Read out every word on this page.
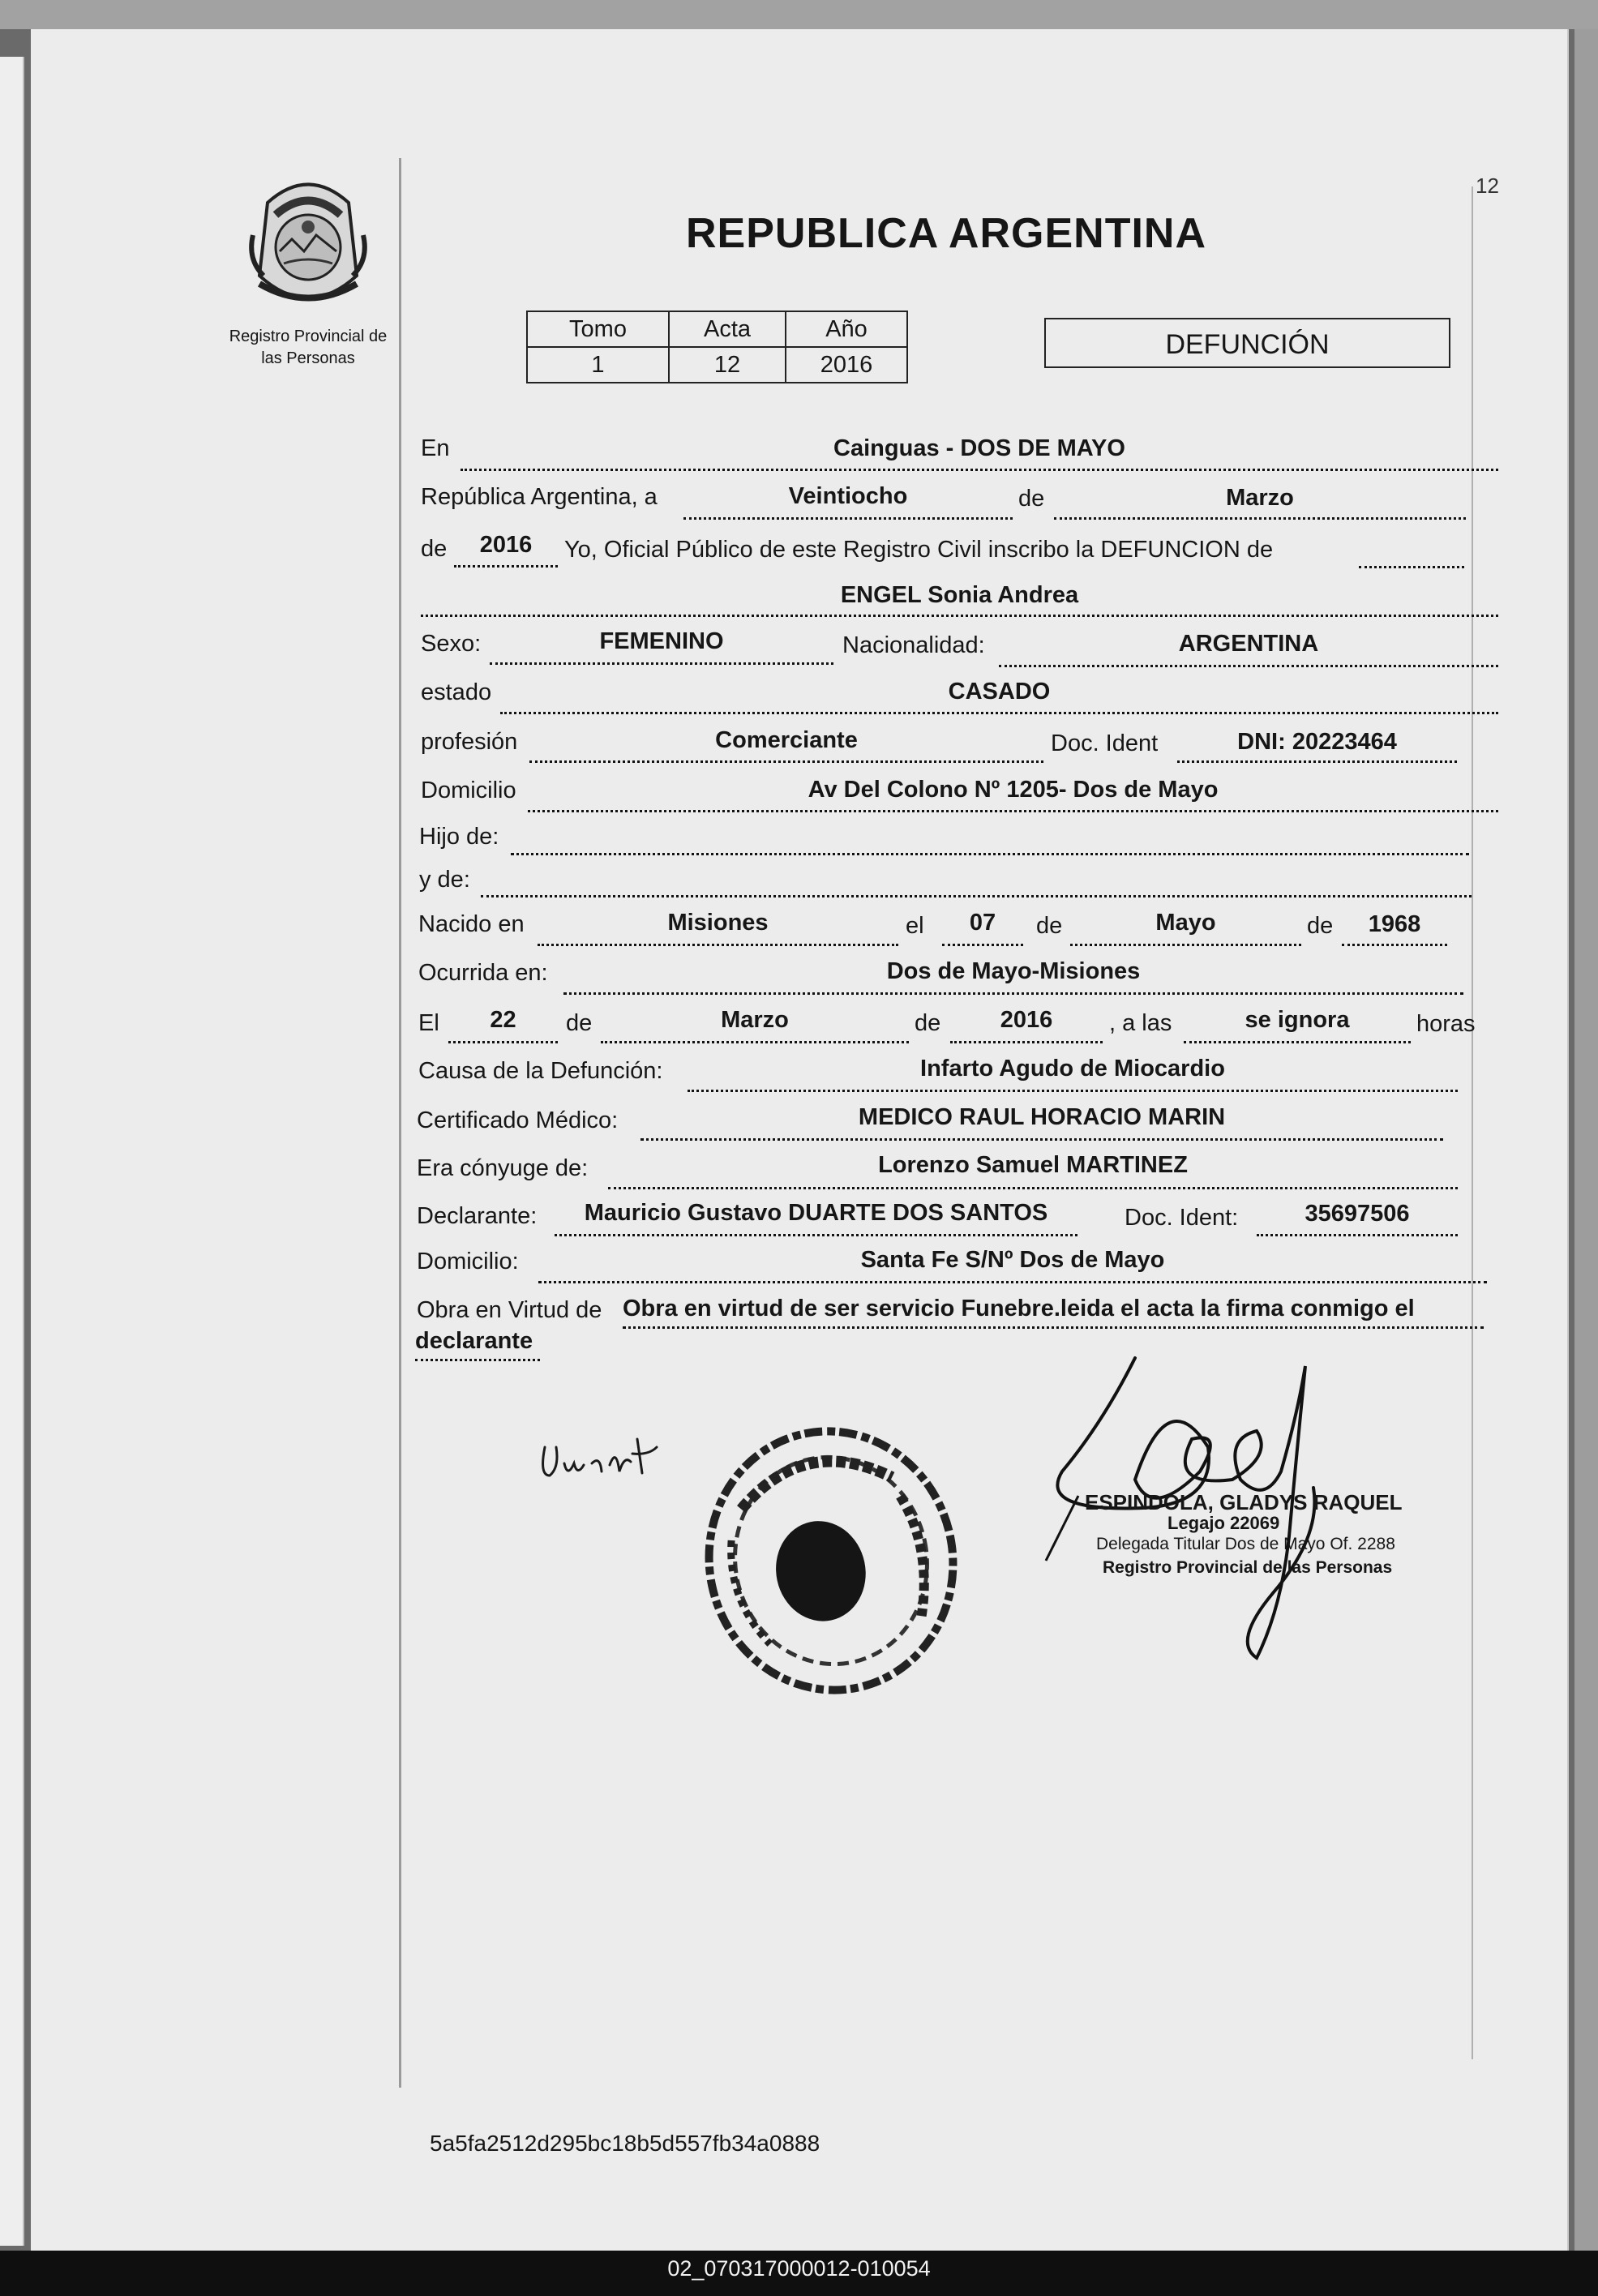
Registro Provincial de
las Personas
12
REPUBLICA ARGENTINA
Tomo	Acta	Año
1	12	2016
DEFUNCIÓN
En	Cainguas - DOS DE MAYO
República Argentina, a	Veintiocho	de	Marzo
de	2016	Yo, Oficial Público de este Registro Civil inscribo la DEFUNCION de
ENGEL Sonia Andrea
Sexo:	FEMENINO	Nacionalidad:	ARGENTINA
estado	CASADO
profesión	Comerciante	Doc. Ident	DNI: 20223464
Domicilio	Av Del Colono Nº 1205- Dos de Mayo
Hijo de:
y de:
Nacido en	Misiones	el	07	de	Mayo	de	1968
Ocurrida en:	Dos de Mayo-Misiones
El	22	de	Marzo	de	2016	, a las	se ignora	horas
Causa de la Defunción:	Infarto Agudo de Miocardio
Certificado Médico:	MEDICO RAUL HORACIO MARIN
Era cónyuge de:	Lorenzo Samuel MARTINEZ
Declarante:	Mauricio Gustavo DUARTE DOS SANTOS	Doc. Ident:	35697506
Domicilio:	Santa Fe S/Nº Dos de Mayo
Obra en Virtud de Obra en virtud de ser servicio Funebre.leida el acta la firma conmigo el
declarante
ESPINDOLA, GLADYS RAQUEL
Legajo 22069
Delegada Titular Dos de Mayo Of. 2288
Registro Provincial de las Personas
5a5fa2512d295bc18b5d557fb34a0888
02_070317000012-010054
